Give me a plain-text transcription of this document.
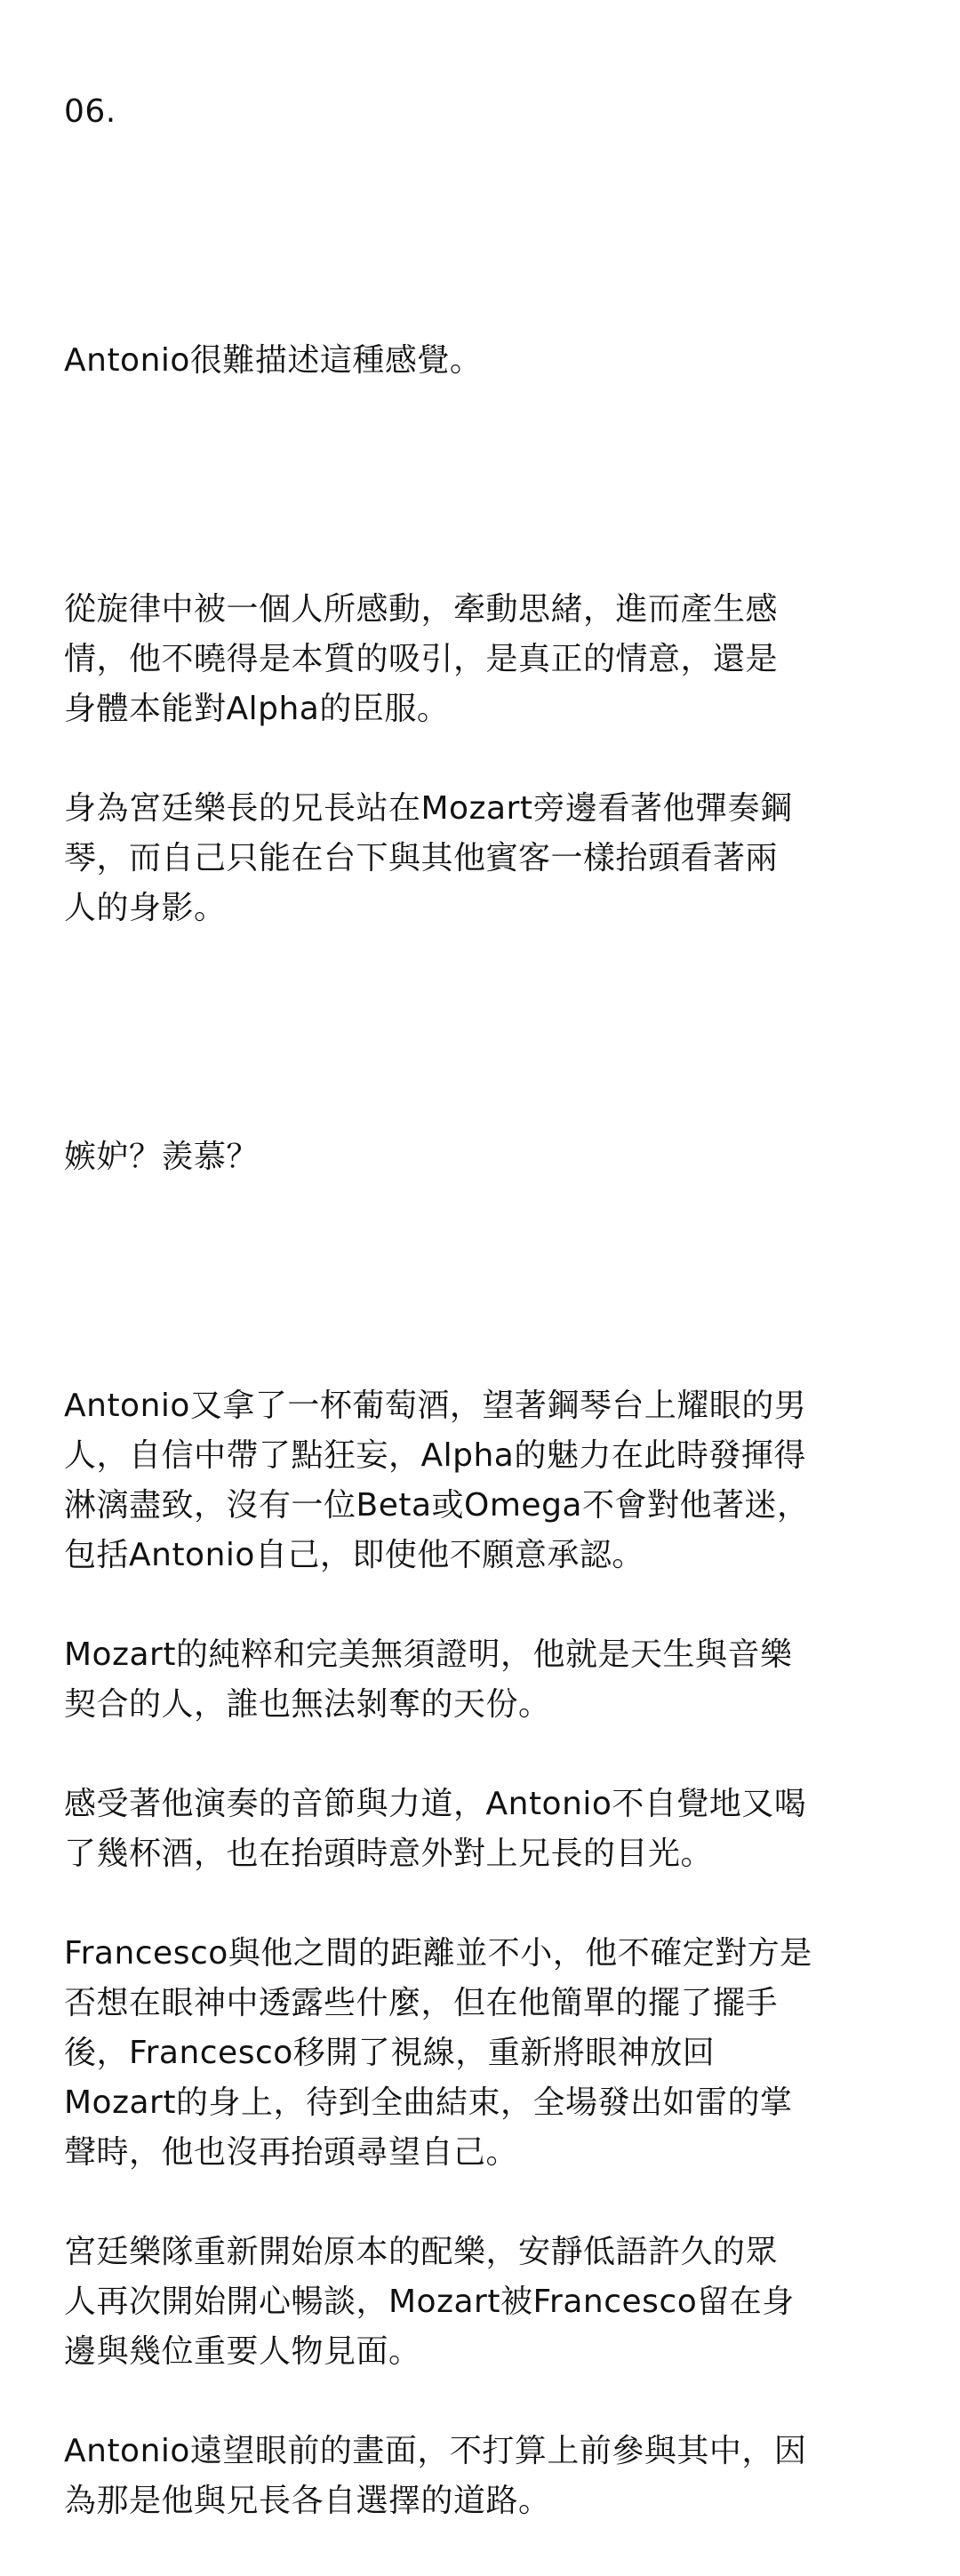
06.

Antonio很難描述這種感覺。

從旋律中被一個人所感動，牽動思緒，進而產生感
情，他不曉得是本質的吸引，是真正的情意，還是
身體本能對Alpha的臣服。

身為宮廷樂長的兄長站在Mozart旁邊看著他彈奏鋼
琴，而自己只能在台下與其他賓客一樣抬頭看著兩
人的身影。

嫉妒？羨慕？

Antonio又拿了一杯葡萄酒，望著鋼琴台上耀眼的男
人，自信中帶了點狂妄，Alpha的魅力在此時發揮得
淋漓盡致，沒有一位Beta或Omega不會對他著迷，
包括Antonio自己，即使他不願意承認。

Mozart的純粹和完美無須證明，他就是天生與音樂
契合的人，誰也無法剝奪的天份。

感受著他演奏的音節與力道，Antonio不自覺地又喝
了幾杯酒，也在抬頭時意外對上兄長的目光。

Francesco與他之間的距離並不小，他不確定對方是
否想在眼神中透露些什麼，但在他簡單的擺了擺手
後，Francesco移開了視線，重新將眼神放回
Mozart的身上，待到全曲結束，全場發出如雷的掌
聲時，他也沒再抬頭尋望自己。

宮廷樂隊重新開始原本的配樂，安靜低語許久的眾
人再次開始開心暢談，Mozart被Francesco留在身
邊與幾位重要人物見面。

Antonio遠望眼前的畫面，不打算上前參與其中，因
為那是他與兄長各自選擇的道路。
